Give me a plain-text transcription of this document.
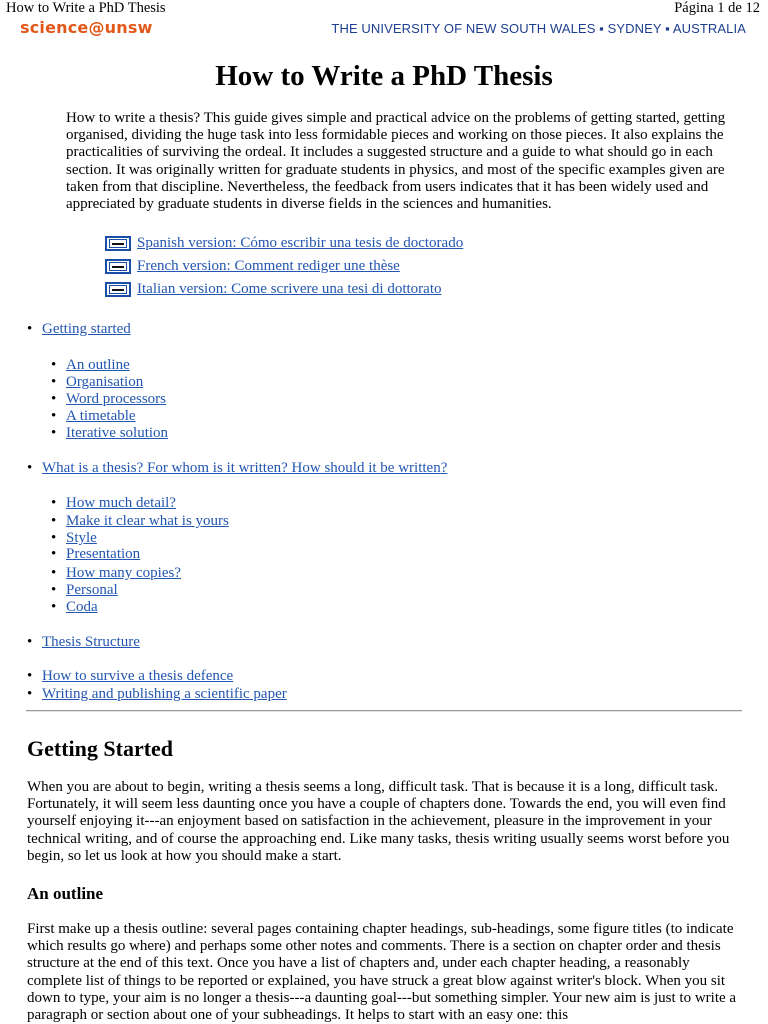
How to Write a PhD Thesis	Página 1 de 12
science@unsw	THE UNIVERSITY OF NEW SOUTH WALES ▪ SYDNEY ▪ AUSTRALIA
How to Write a PhD Thesis

How to write a thesis? This guide gives simple and practical advice on the problems of getting started, getting organised, dividing the huge task into less formidable pieces and working on those pieces. It also explains the practicalities of surviving the ordeal. It includes a suggested structure and a guide to what should go in each section. It was originally written for graduate students in physics, and most of the specific examples given are taken from that discipline. Nevertheless, the feedback from users indicates that it has been widely used and appreciated by graduate students in diverse fields in the sciences and humanities.

Spanish version: Cómo escribir una tesis de doctorado
French version: Comment rediger une thèse
Italian version: Come scrivere una tesi di dottorato
• Getting started
• An outline
• Organisation
• Word processors
• A timetable
• Iterative solution
• What is a thesis? For whom is it written? How should it be written?
• How much detail?
• Make it clear what is yours
• Style
• Presentation
• How many copies?
• Personal
• Coda
• Thesis Structure
• How to survive a thesis defence
• Writing and publishing a scientific paper
Getting Started

When you are about to begin, writing a thesis seems a long, difficult task. That is because it is a long, difficult task. Fortunately, it will seem less daunting once you have a couple of chapters done. Towards the end, you will even find yourself enjoying it---an enjoyment based on satisfaction in the achievement, pleasure in the improvement in your technical writing, and of course the approaching end. Like many tasks, thesis writing usually seems worst before you begin, so let us look at how you should make a start.

An outline

First make up a thesis outline: several pages containing chapter headings, sub-headings, some figure titles (to indicate which results go where) and perhaps some other notes and comments. There is a section on chapter order and thesis structure at the end of this text. Once you have a list of chapters and, under each chapter heading, a reasonably complete list of things to be reported or explained, you have struck a great blow against writer's block. When you sit down to type, your aim is no longer a thesis---a daunting goal---but something simpler. Your new aim is just to write a paragraph or section about one of your subheadings. It helps to start with an easy one: this
